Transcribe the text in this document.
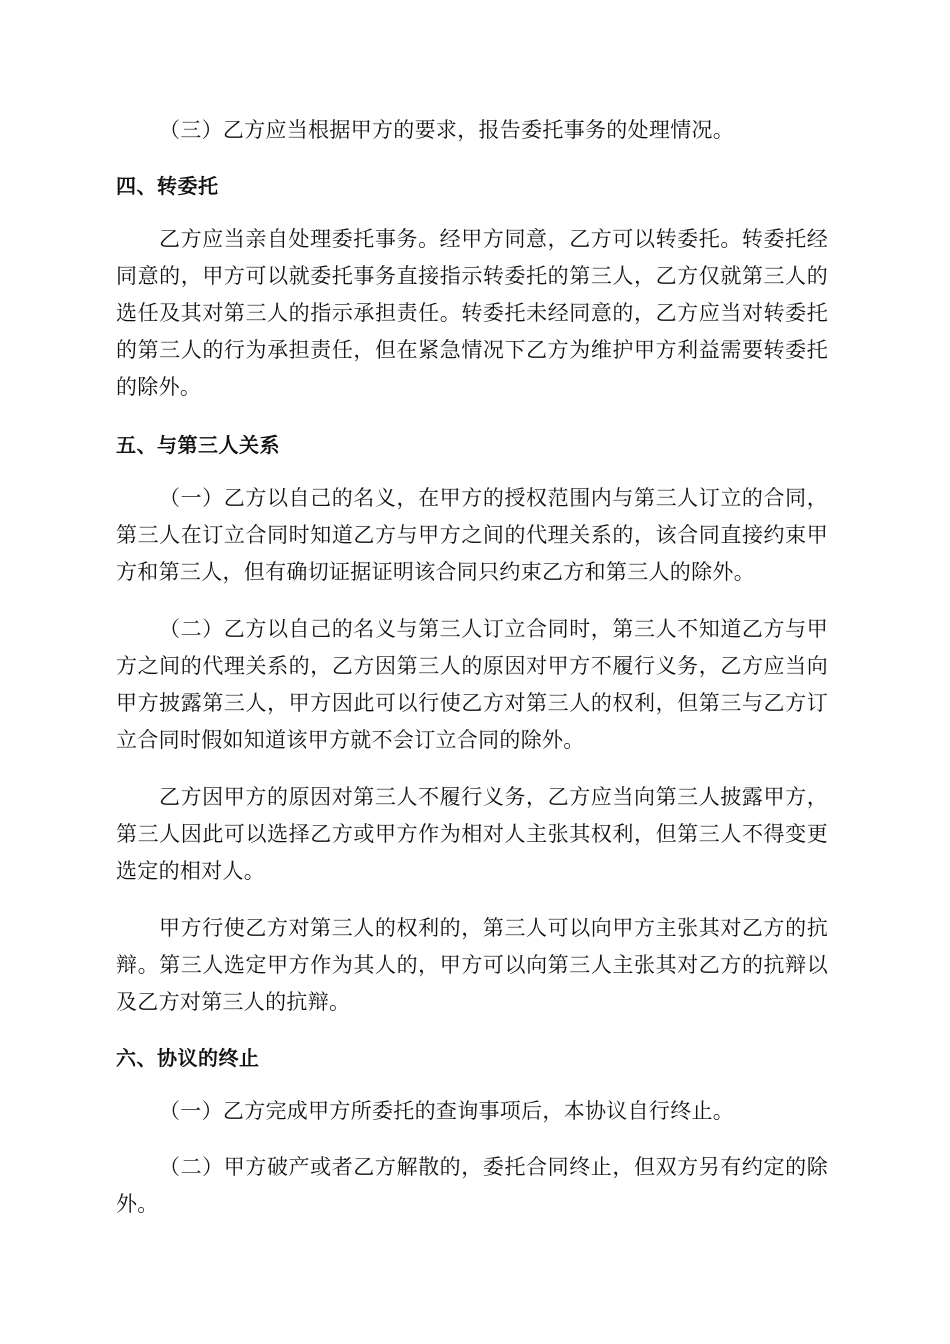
（三）乙方应当根据甲方的要求，报告委托事务的处理情况。

四、转委托

乙方应当亲自处理委托事务。经甲方同意，乙方可以转委托。转委托经同意的，甲方可以就委托事务直接指示转委托的第三人，乙方仅就第三人的选任及其对第三人的指示承担责任。转委托未经同意的，乙方应当对转委托的第三人的行为承担责任，但在紧急情况下乙方为维护甲方利益需要转委托的除外。

五、与第三人关系

（一）乙方以自己的名义，在甲方的授权范围内与第三人订立的合同，第三人在订立合同时知道乙方与甲方之间的代理关系的，该合同直接约束甲方和第三人，但有确切证据证明该合同只约束乙方和第三人的除外。

（二）乙方以自己的名义与第三人订立合同时，第三人不知道乙方与甲方之间的代理关系的，乙方因第三人的原因对甲方不履行义务，乙方应当向甲方披露第三人，甲方因此可以行使乙方对第三人的权利，但第三与乙方订立合同时假如知道该甲方就不会订立合同的除外。

乙方因甲方的原因对第三人不履行义务，乙方应当向第三人披露甲方，第三人因此可以选择乙方或甲方作为相对人主张其权利，但第三人不得变更选定的相对人。

甲方行使乙方对第三人的权利的，第三人可以向甲方主张其对乙方的抗辩。第三人选定甲方作为其人的，甲方可以向第三人主张其对乙方的抗辩以及乙方对第三人的抗辩。

六、协议的终止

（一）乙方完成甲方所委托的查询事项后，本协议自行终止。

（二）甲方破产或者乙方解散的，委托合同终止，但双方另有约定的除外。
